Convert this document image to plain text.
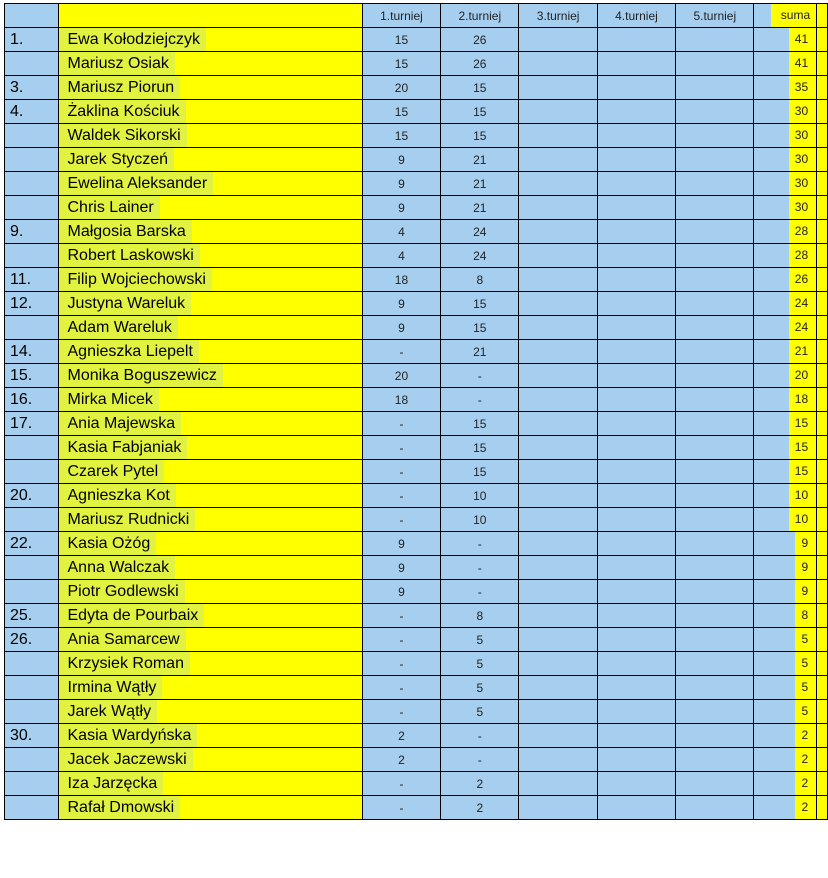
		1.turniej	2.turniej	3.turniej	4.turniej	5.turniej	suma	
1.	Ewa Kołodziejczyk	15	26				41	
	Mariusz Osiak	15	26				41	
3.	Mariusz Piorun	20	15				35	
4.	Żaklina Kościuk	15	15				30	
	Waldek Sikorski	15	15				30	
	Jarek Styczeń	9	21				30	
	Ewelina Aleksander	9	21				30	
	Chris Lainer	9	21				30	
9.	Małgosia Barska	4	24				28	
	Robert Laskowski	4	24				28	
11.	Filip Wojciechowski	18	8				26	
12.	Justyna Wareluk	9	15				24	
	Adam Wareluk	9	15				24	
14.	Agnieszka Liepelt	-	21				21	
15.	Monika Boguszewicz	20	-				20	
16.	Mirka Micek	18	-				18	
17.	Ania Majewska	-	15				15	
	Kasia Fabjaniak	-	15				15	
	Czarek Pytel	-	15				15	
20.	Agnieszka Kot	-	10				10	
	Mariusz Rudnicki	-	10				10	
22.	Kasia Ożóg	9	-				9	
	Anna Walczak	9	-				9	
	Piotr Godlewski	9	-				9	
25.	Edyta de Pourbaix	-	8				8	
26.	Ania Samarcew	-	5				5	
	Krzysiek Roman	-	5				5	
	Irmina Wątły	-	5				5	
	Jarek Wątły	-	5				5	
30.	Kasia Wardyńska	2	-				2	
	Jacek Jaczewski	2	-				2	
	Iza Jarzęcka	-	2				2	
	Rafał Dmowski	-	2				2	
